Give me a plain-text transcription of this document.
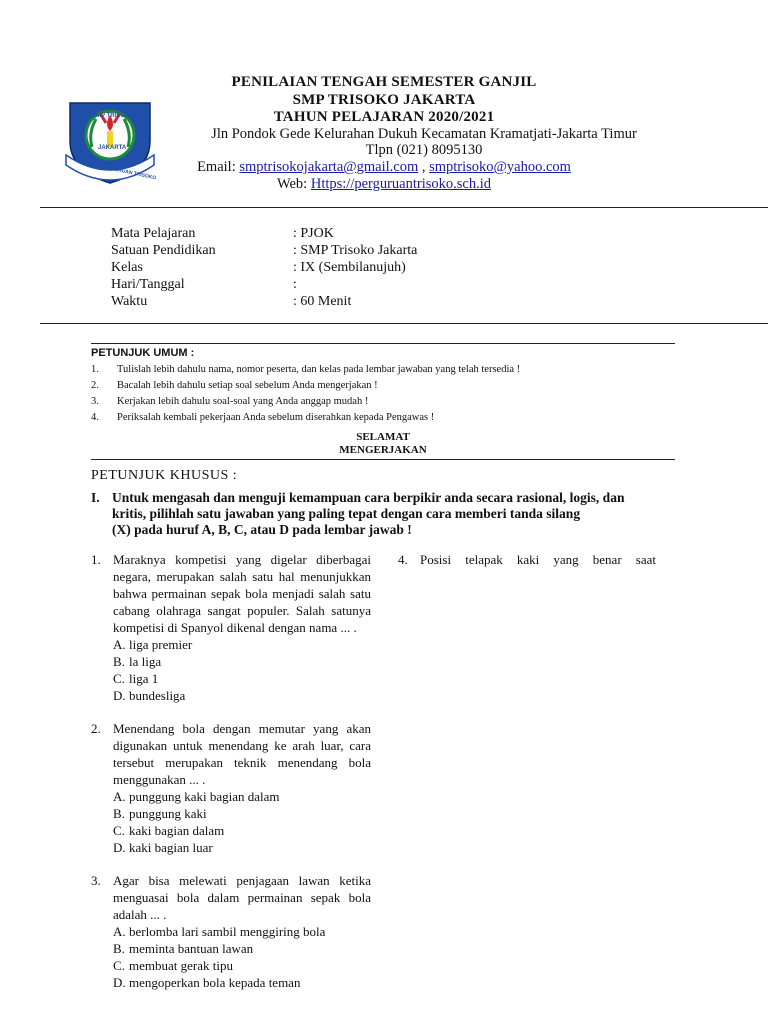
SMP TRISOKO
JAKARTA
YAYASAN PERGURUAN TRISOKO
PENILAIAN TENGAH SEMESTER GANJIL
SMP TRISOKO JAKARTA
TAHUN PELAJARAN 2020/2021
Jln Pondok Gede Kelurahan Dukuh Kecamatan Kramatjati-Jakarta Timur
Tlpn (021) 8095130
Email: smptrisokojakarta@gmail.com , smptrisoko@yahoo.com
Web: Https://perguruantrisoko.sch.id
Mata Pelajaran	: PJOK
Satuan Pendidikan	: SMP Trisoko Jakarta
Kelas	: IX (Sembilanujuh)
Hari/Tanggal	:
Waktu	: 60 Menit
PETUNJUK UMUM :
1. Tulislah lebih dahulu nama, nomor peserta, dan kelas pada lembar jawaban yang telah tersedia !
2. Bacalah lebih dahulu setiap soal sebelum Anda mengerjakan !
3. Kerjakan lebih dahulu soal-soal yang Anda anggap mudah !
4. Periksalah kembali pekerjaan Anda sebelum diserahkan kepada Pengawas !
SELAMAT
MENGERJAKAN
PETUNJUK KHUSUS :
I. Untuk mengasah dan menguji kemampuan cara berpikir anda secara rasional, logis, dan
kritis, pilihlah satu jawaban yang paling tepat dengan cara memberi tanda silang
(X) pada huruf A, B, C, atau D pada lembar jawab !
1. Maraknya kompetisi yang digelar diberbagai negara, merupakan salah satu hal menunjukkan bahwa permainan sepak bola menjadi salah satu cabang olahraga sangat populer. Salah satunya kompetisi di Spanyol dikenal dengan nama ... .
A. liga premier
B. la liga
C. liga 1
D. bundesliga
2. Menendang bola dengan memutar yang akan digunakan untuk menendang ke arah luar, cara tersebut merupakan teknik menendang bola menggunakan ... .
A. punggung kaki bagian dalam
B. punggung kaki
C. kaki bagian dalam
D. kaki bagian luar
3. Agar bisa melewati penjagaan lawan ketika menguasai bola dalam permainan sepak bola adalah ... .
A. berlomba lari sambil menggiring bola
B. meminta bantuan lawan
C. membuat gerak tipu
D. mengoperkan bola kepada teman
4. Posisi telapak kaki yang benar saat
